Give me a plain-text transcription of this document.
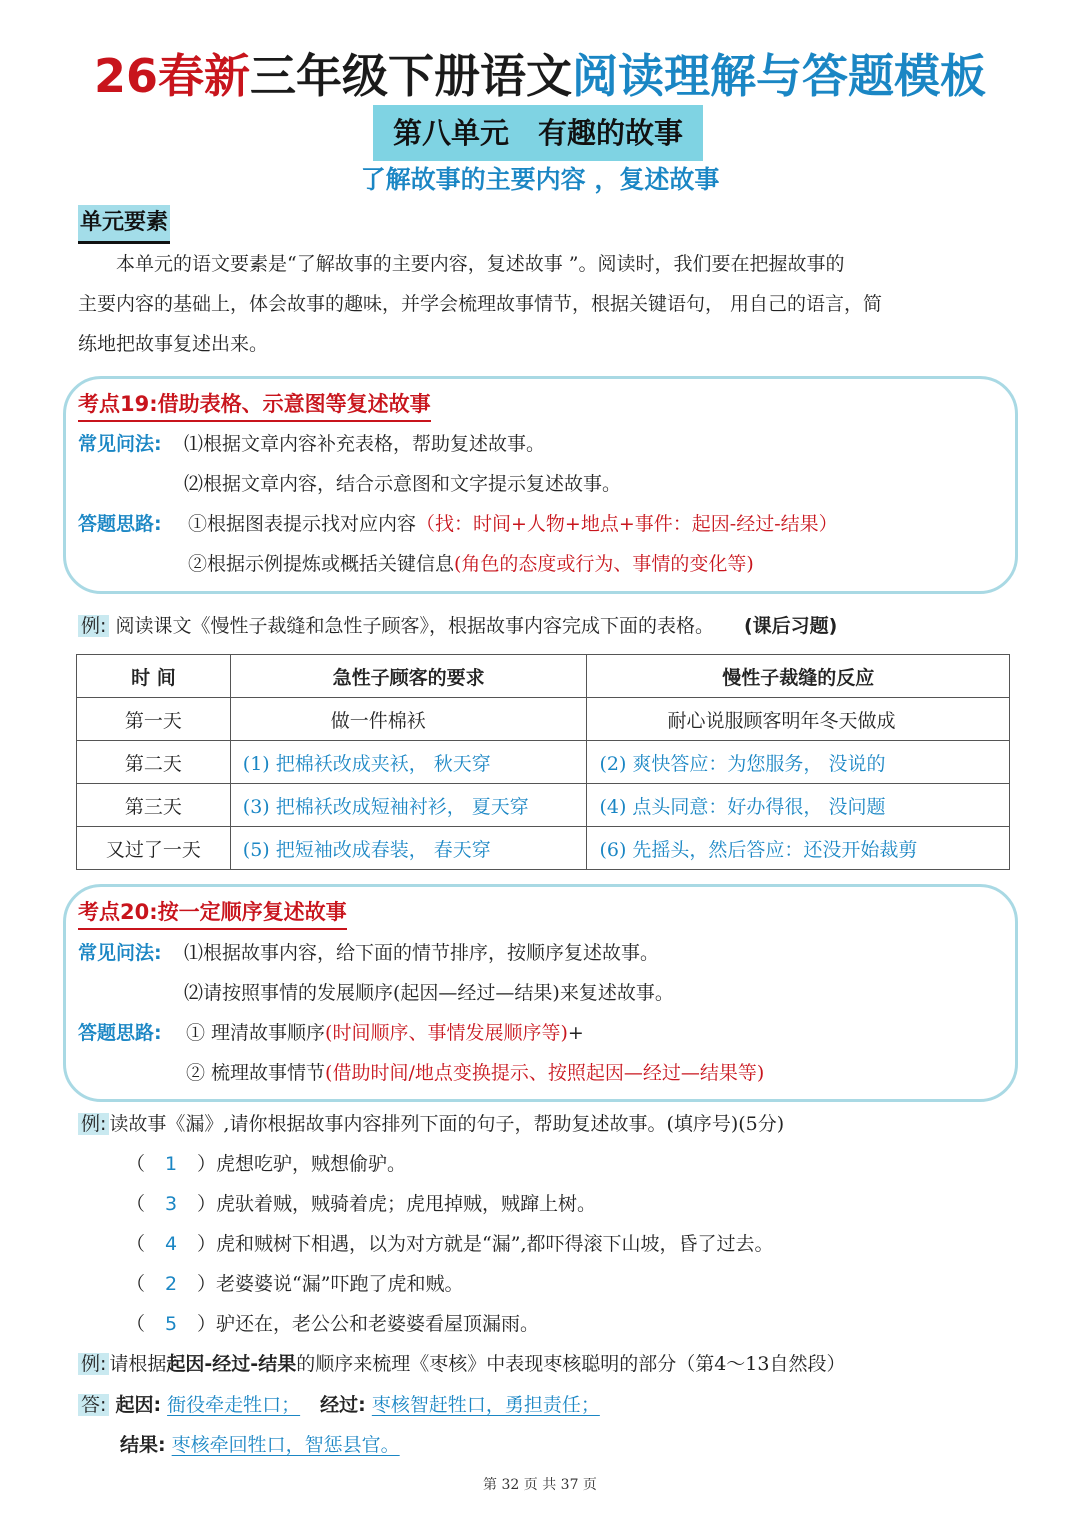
26春新三年级下册语文阅读理解与答题模板
第八单元　有趣的故事
了解故事的主要内容 ，复述故事
单元要素

　　本单元的语文要素是“了解故事的主要内容，复述故事 ”。阅读时，我们要在把握故事的

主要内容的基础上，体会故事的趣味，并学会梳理故事情节，根据关键语句， 用自己的语言，简

练地把故事复述出来。

考点19:借助表格、示意图等复述故事
常见问法: ⑴根据文章内容补充表格，帮助复述故事。
⑵根据文章内容，结合示意图和文字提示复述故事。
答题思路: ①根据图表提示找对应内容（找：时间+人物+地点+事件：起因-经过-结果）
②根据示例提炼或概括关键信息(角色的态度或行为、事情的变化等)
例: 阅读课文《慢性子裁缝和急性子顾客》，根据故事内容完成下面的表格。 (课后习题)
时 间	急性子顾客的要求	慢性子裁缝的反应
第一天	做一件棉袄	耐心说服顾客明年冬天做成
第二天	(1) 把棉袄改成夹袄， 秋天穿	(2) 爽快答应：为您服务， 没说的
第三天	(3) 把棉袄改成短袖衬衫， 夏天穿	(4) 点头同意：好办得很， 没问题
又过了一天	(5) 把短袖改成春装， 春天穿	(6) 先摇头，然后答应：还没开始裁剪
考点20:按一定顺序复述故事
常见问法: ⑴根据故事内容，给下面的情节排序，按顺序复述故事。
⑵请按照事情的发展顺序(起因—经过—结果)来复述故事。
答题思路: ① 理清故事顺序(时间顺序、事情发展顺序等)+
② 梳理故事情节(借助时间/地点变换提示、按照起因—经过—结果等)
例: 读故事《漏》,请你根据故事内容排列下面的句子，帮助复述故事。(填序号)(5分)
（ 1 ）虎想吃驴，贼想偷驴。
（ 3 ）虎驮着贼，贼骑着虎；虎甩掉贼，贼蹿上树。
（ 4 ）虎和贼树下相遇，以为对方就是“漏”,都吓得滚下山坡，昏了过去。
（ 2 ）老婆婆说“漏”吓跑了虎和贼。
（ 5 ）驴还在，老公公和老婆婆看屋顶漏雨。
例: 请根据起因-经过-结果的顺序来梳理《枣核》中表现枣核聪明的部分（第4～13自然段）
答: 起因: 衙役牵走牲口； 经过: 枣核智赶牲口，勇担责任；
结果: 枣核牵回牲口，智惩县官。
第 32 页 共 37 页
